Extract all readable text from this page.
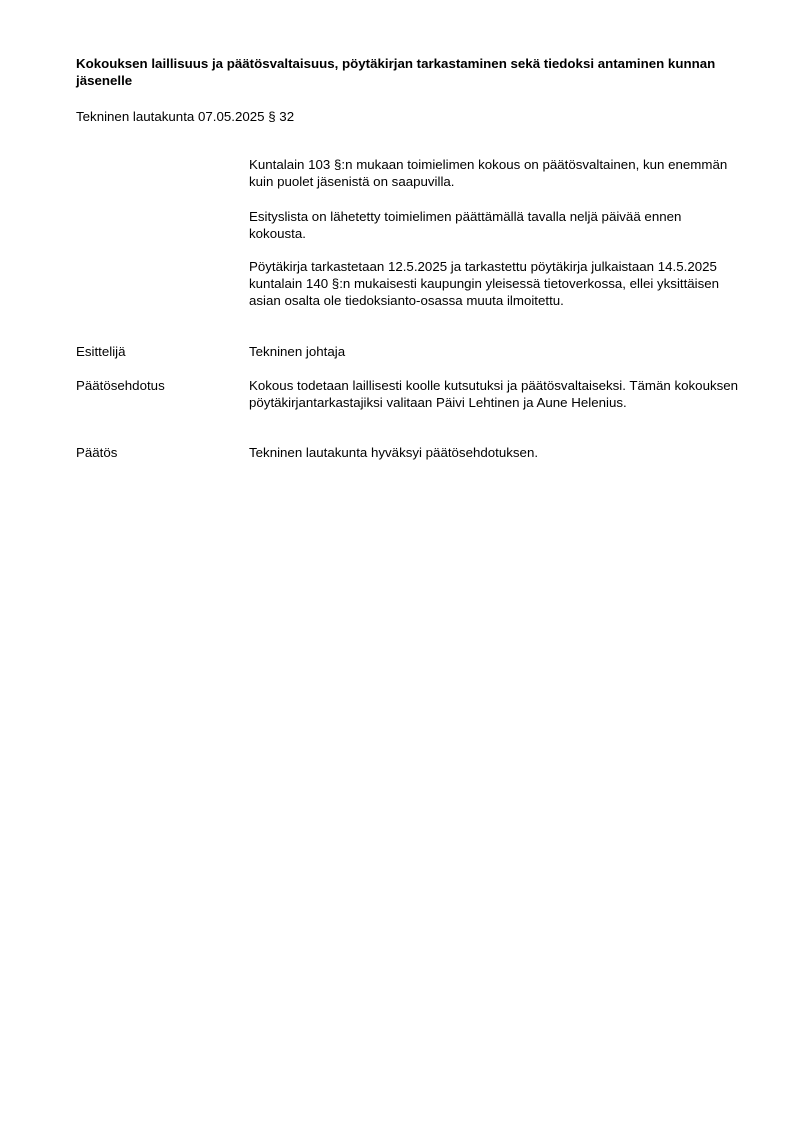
Kokouksen laillisuus ja päätösvaltaisuus, pöytäkirjan tarkastaminen sekä tiedoksi antaminen kunnan jäsenelle

Tekninen lautakunta 07.05.2025 § 32

Kuntalain 103 §:n mukaan toimielimen kokous on päätösvaltainen, kun enemmän kuin puolet jäsenistä on saapuvilla.

Esityslista on lähetetty toimielimen päättämällä tavalla neljä päivää ennen kokousta.

Pöytäkirja tarkastetaan 12.5.2025 ja tarkastettu pöytäkirja julkaistaan 14.5.2025 kuntalain 140 §:n mukaisesti kaupungin yleisessä tietoverkossa, ellei yksittäisen asian osalta ole tiedoksianto-osassa muuta ilmoitettu.

Esittelijä	Tekninen johtaja
Päätösehdotus	Kokous todetaan laillisesti koolle kutsutuksi ja päätösvaltaiseksi. Tämän kokouksen pöytäkirjantarkastajiksi valitaan Päivi Lehtinen ja Aune Helenius.
Päätös	Tekninen lautakunta hyväksyi päätösehdotuksen.
